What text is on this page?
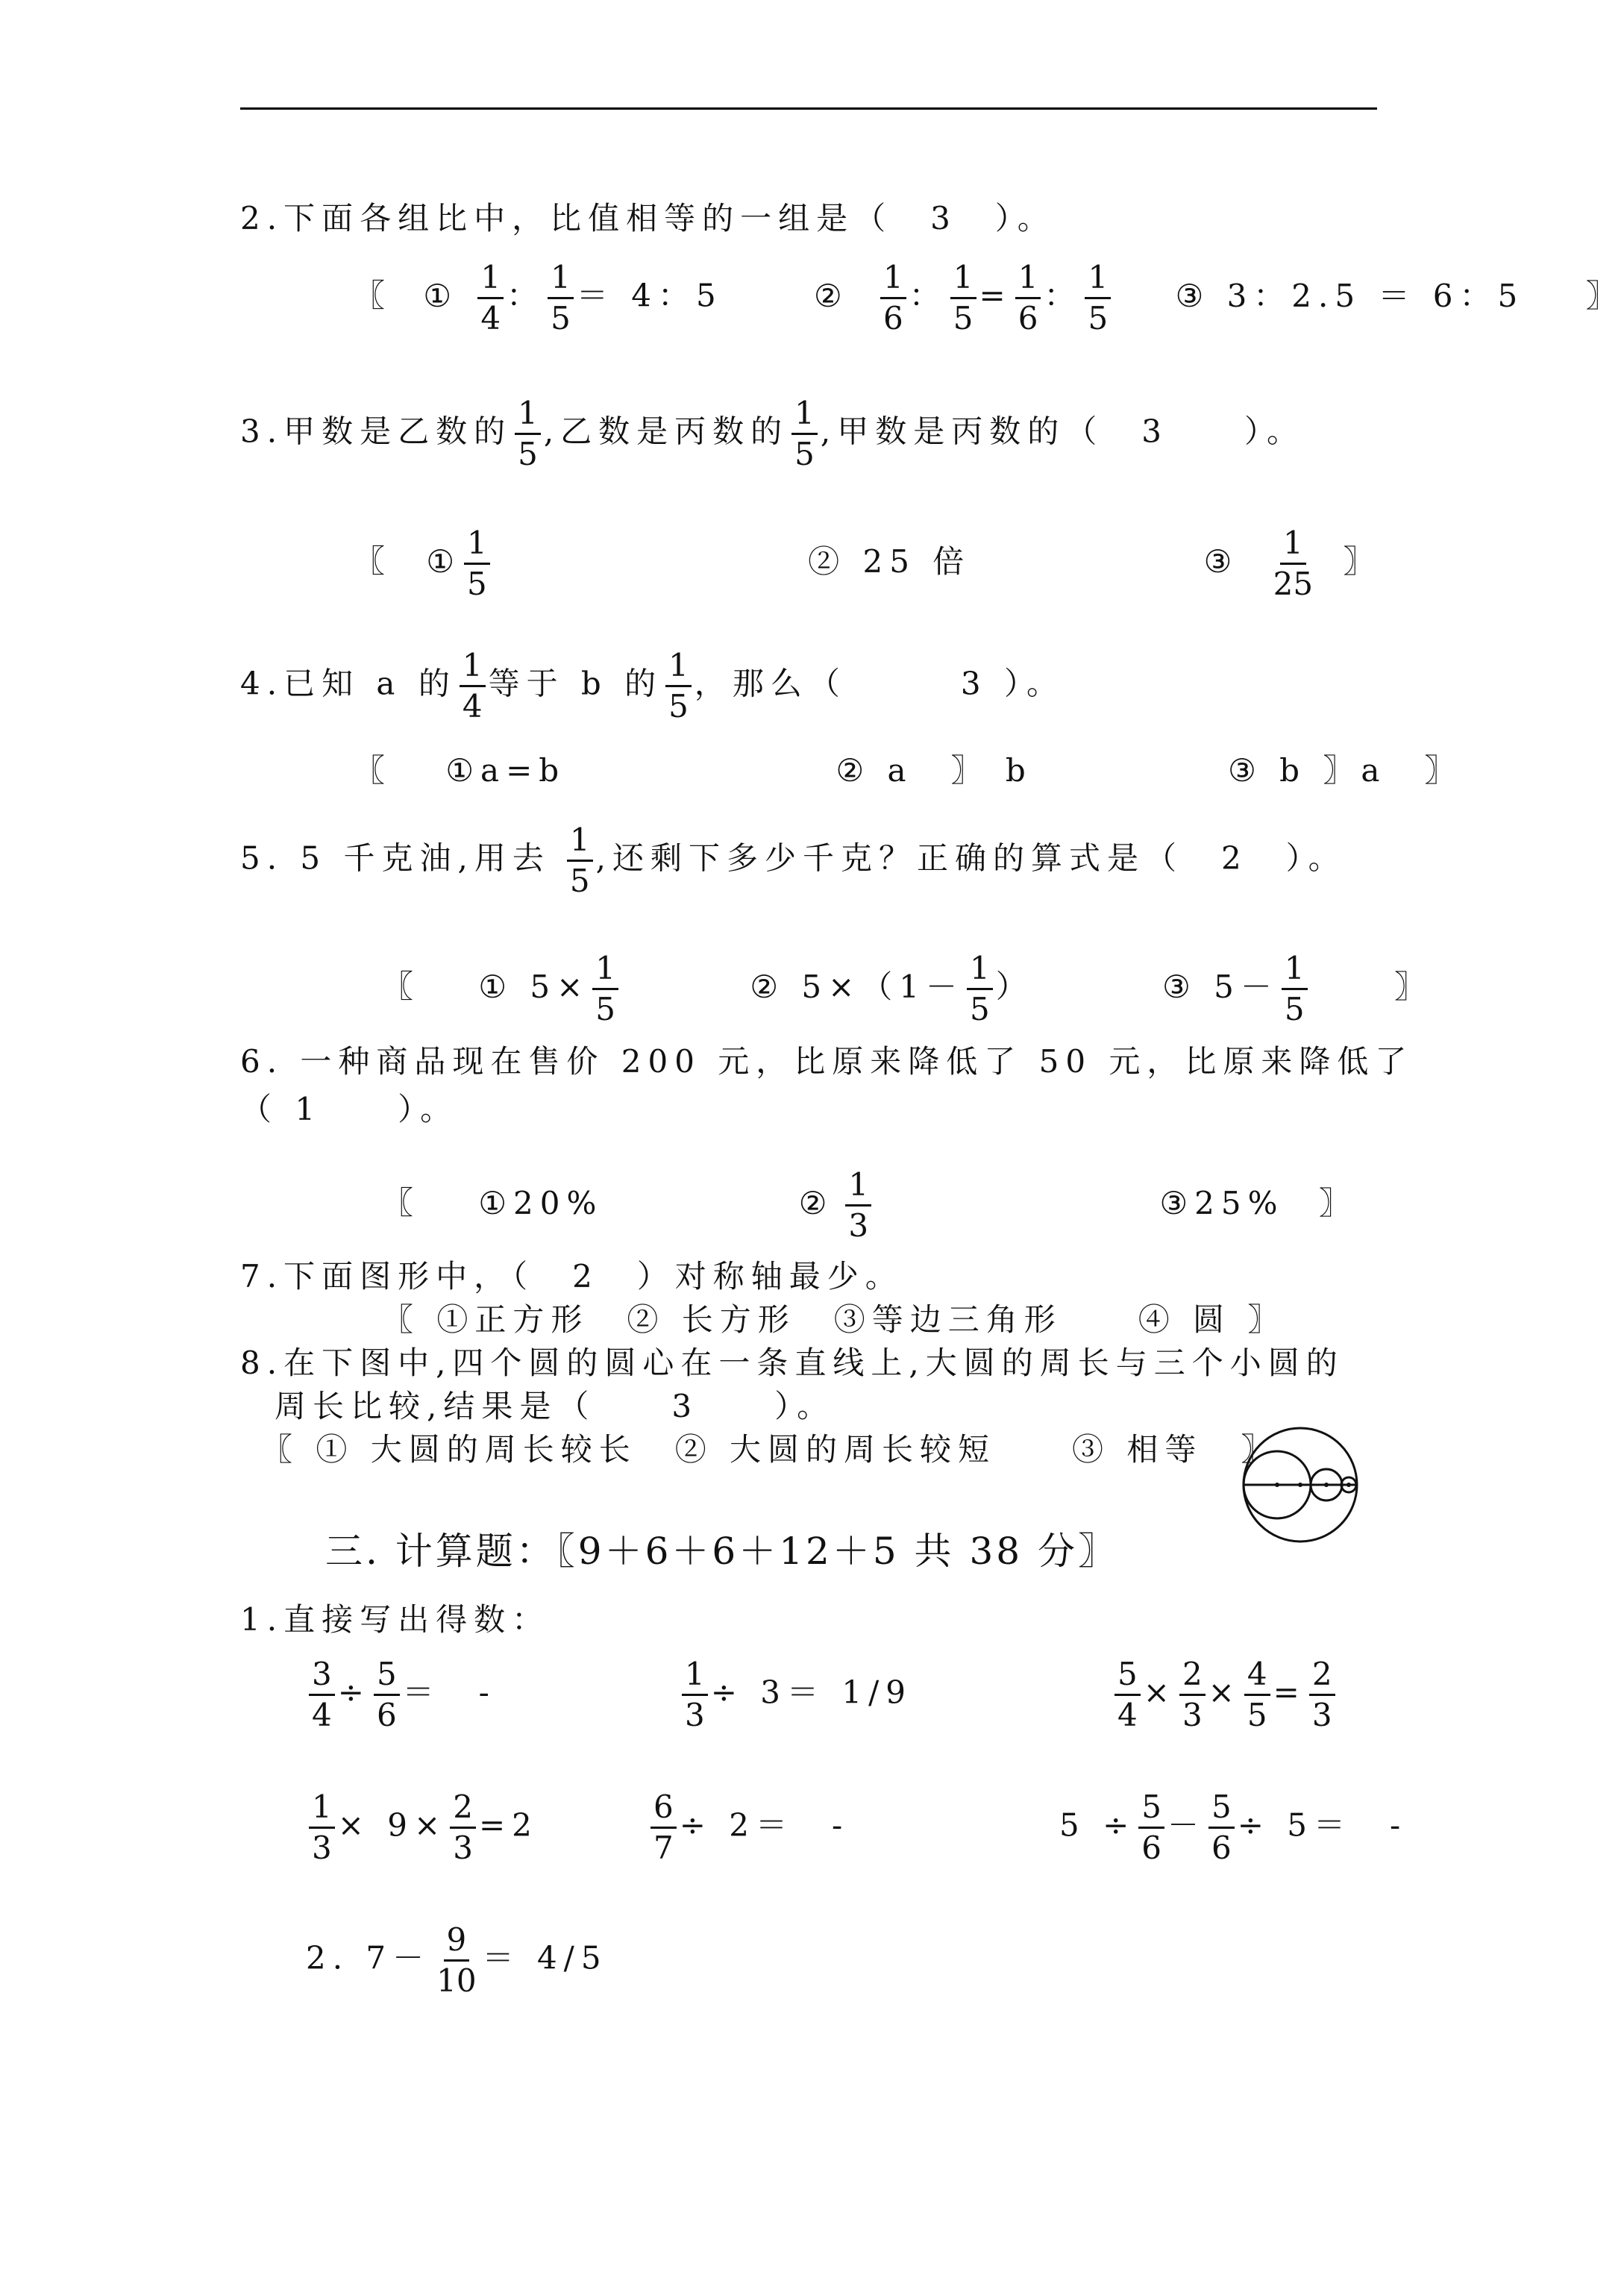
2.下面各组比中，比值相等的一组是（　3　）。
〖 ① $\frac{1}{4}$ ： $\frac{1}{5} = 4$：5	② $\frac{1}{6}$ ： $\frac{1}{5} = \frac{1}{6}$ ： $\frac{1}{5}$ ③ 3：2.5 ＝ 6：5 〗
3.甲数是乙数的 $\frac{1}{5}$ ,乙数是丙数的 $\frac{1}{5}$ ,甲数是丙数的（　3　　）。
〖 ① $\frac{1}{5}$	② 25 倍	③ $\frac{1}{25}$ 〗
4.已知 a 的 $\frac{1}{4}$ 等于 b 的 $\frac{1}{5}$ ，那么（　　　3 ）。
〖 ①a=b	② a　〗 b	③ b 〗a　〗
5. 5 千克油,用去 $\frac{1}{5}$ ,还剩下多少千克？正确的算式是（　2　）。
〖 ① $5\times \frac{1}{5}$	② $5\times(1- \frac{1}{5}$ ）	③ $5- \frac{1}{5}$	〗
6. 一种商品现在售价 200 元，比原来降低了 50 元，比原来降低了
（ 1　　）。
〖 ①20%	② $\frac{1}{3}$	③25% 〗
7.下面图形中，（　2　）对称轴最少。
〖 ①正方形　② 长方形　③等边三角形　　④ 圆 〗
8.在下图中,四个圆的圆心在一条直线上,大圆的周长与三个小圆的
周长比较,结果是（　　3　　）。
〖 ① 大圆的周长较长　② 大圆的周长较短　　③ 相等　〗
三. 计算题：〖9＋6＋6＋12＋5 共 38 分〗
1.直接写出得数：
$\frac{3}{4} \div \frac{5}{6}$ ＝　-	$\frac{1}{3} \div 3= 1/9$	$\frac{5}{4} \times \frac{2}{3} \times \frac{4}{5} = \frac{2}{3}$
$\frac{1}{3} \times 9\times \frac{2}{3} =2$	$\frac{6}{7} \div 2=$　-	$5 \div \frac{5}{6} - \frac{5}{6} \div 5=$　-
2. $7- \frac{9}{10} = 4/5$
